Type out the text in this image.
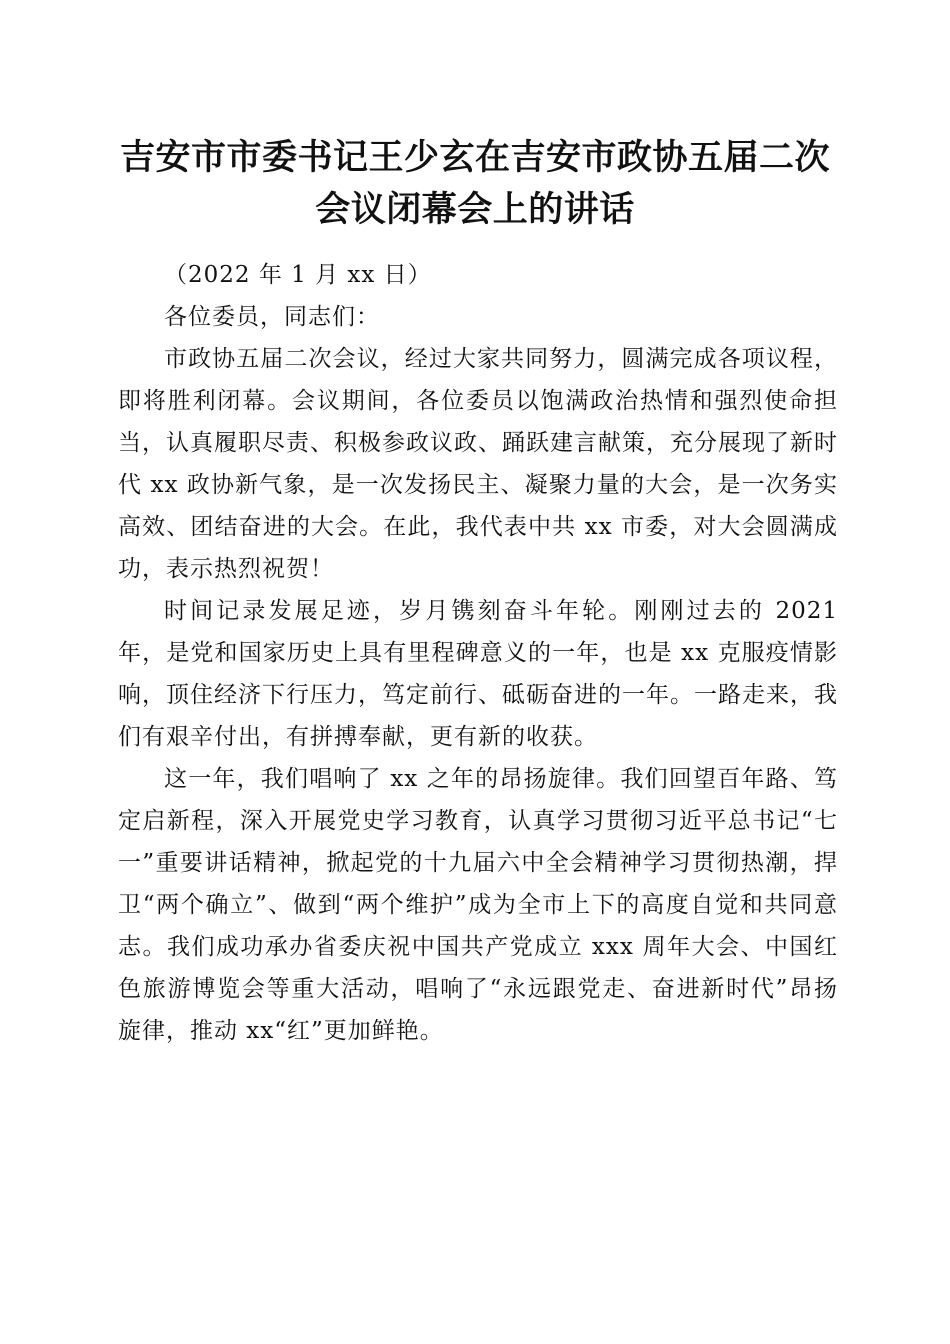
吉安市市委书记王少玄在吉安市政协五届二次
会议闭幕会上的讲话

（2022 年 1 月 xx 日）

各位委员，同志们：

市政协五届二次会议，经过大家共同努力，圆满完成各项议程，即将胜利闭幕。会议期间，各位委员以饱满政治热情和强烈使命担当，认真履职尽责、积极参政议政、踊跃建言献策，充分展现了新时代 xx 政协新气象，是一次发扬民主、凝聚力量的大会，是一次务实高效、团结奋进的大会。在此，我代表中共 xx 市委，对大会圆满成功，表示热烈祝贺！

时间记录发展足迹，岁月镌刻奋斗年轮。刚刚过去的 2021 年，是党和国家历史上具有里程碑意义的一年，也是 xx 克服疫情影响，顶住经济下行压力，笃定前行、砥砺奋进的一年。一路走来，我们有艰辛付出，有拼搏奉献，更有新的收获。

这一年，我们唱响了 xx 之年的昂扬旋律。我们回望百年路、笃定启新程，深入开展党史学习教育，认真学习贯彻习近平总书记“七一”重要讲话精神，掀起党的十九届六中全会精神学习贯彻热潮，捍卫“两个确立”、做到“两个维护”成为全市上下的高度自觉和共同意志。我们成功承办省委庆祝中国共产党成立 xxx 周年大会、中国红色旅游博览会等重大活动，唱响了“永远跟党走、奋进新时代”昂扬旋律，推动 xx“红”更加鲜艳。
